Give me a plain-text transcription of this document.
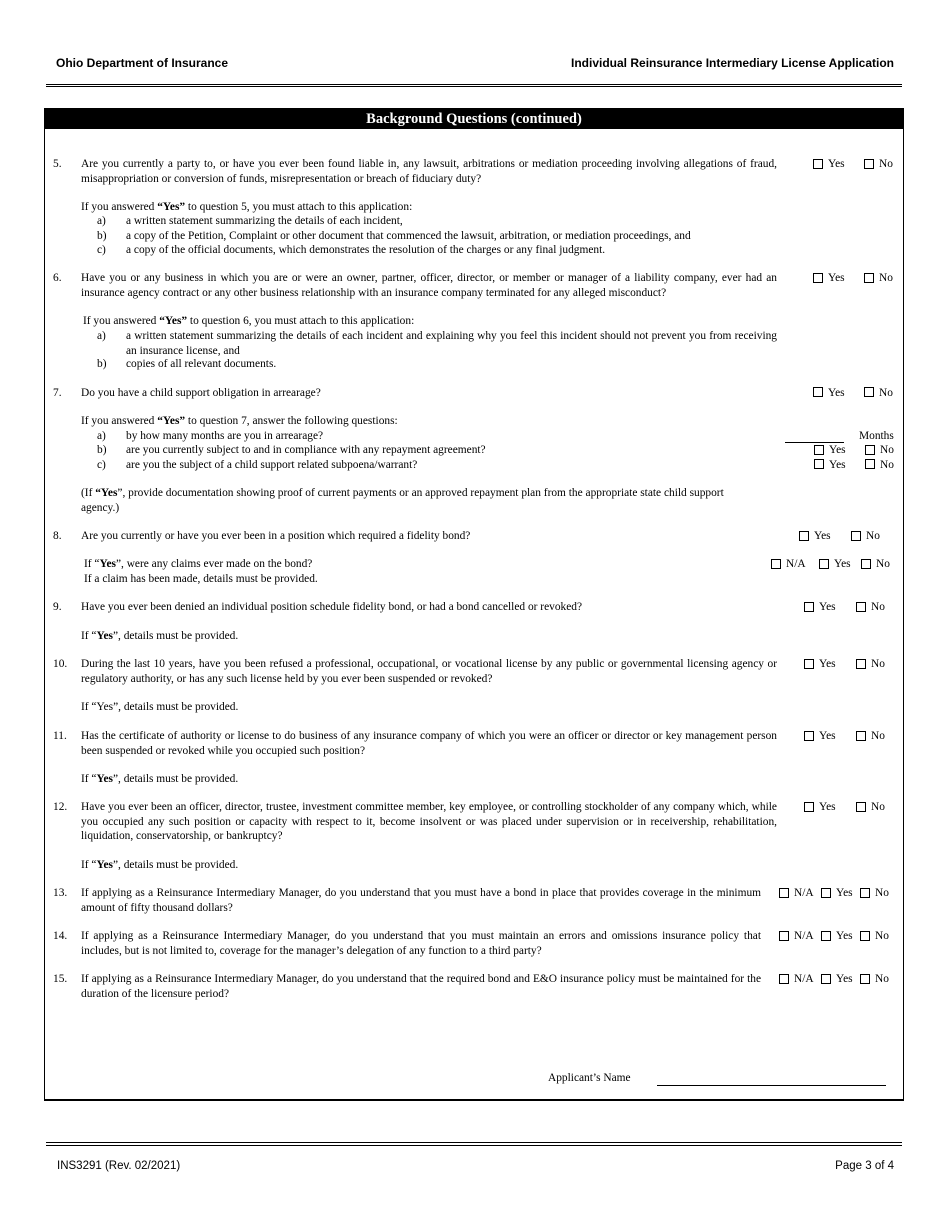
Ohio Department of Insurance	Individual Reinsurance Intermediary License Application
Background Questions (continued)
5. Are you currently a party to, or have you ever been found liable in, any lawsuit, arbitrations or mediation proceeding involving allegations of fraud, misappropriation or conversion of funds, misrepresentation or breach of fiduciary duty?
Yes	No
If you answered “Yes” to question 5, you must attach to this application:
a) a written statement summarizing the details of each incident,
b) a copy of the Petition, Complaint or other document that commenced the lawsuit, arbitration, or mediation proceedings, and
c) a copy of the official documents, which demonstrates the resolution of the charges or any final judgment.
6. Have you or any business in which you are or were an owner, partner, officer, director, or member or manager of a liability company, ever had an insurance agency contract or any other business relationship with an insurance company terminated for any alleged misconduct?
Yes	No
If you answered “Yes” to question 6, you must attach to this application:
a) a written statement summarizing the details of each incident and explaining why you feel this incident should not prevent you from receiving an insurance license, and
b) copies of all relevant documents.
7. Do you have a child support obligation in arrearage?	Yes	No
If you answered “Yes” to question 7, answer the following questions:
a) by how many months are you in arrearage?	Months
b) are you currently subject to and in compliance with any repayment agreement?	Yes	No
c) are you the subject of a child support related subpoena/warrant?	Yes	No
(If “Yes”, provide documentation showing proof of current payments or an approved repayment plan from the appropriate state child support agency.)
8. Are you currently or have you ever been in a position which required a fidelity bond?	Yes	No
If “Yes”, were any claims ever made on the bond?
If a claim has been made, details must be provided.
N/A Yes No
9. Have you ever been denied an individual position schedule fidelity bond, or had a bond cancelled or revoked?	Yes	No
If “Yes”, details must be provided.
10. During the last 10 years, have you been refused a professional, occupational, or vocational license by any public or governmental licensing agency or regulatory authority, or has any such license held by you ever been suspended or revoked?
Yes	No
If “Yes”, details must be provided.
11. Has the certificate of authority or license to do business of any insurance company of which you were an officer or director or key management person been suspended or revoked while you occupied such position?
Yes	No
If “Yes”, details must be provided.
12. Have you ever been an officer, director, trustee, investment committee member, key employee, or controlling stockholder of any company which, while you occupied any such position or capacity with respect to it, become insolvent or was placed under supervision or in receivership, rehabilitation, liquidation, conservatorship, or bankruptcy?
Yes	No
If “Yes”, details must be provided.
13. If applying as a Reinsurance Intermediary Manager, do you understand that you must have a bond in place that provides coverage in the minimum amount of fifty thousand dollars?
N/A Yes No
14. If applying as a Reinsurance Intermediary Manager, do you understand that you must maintain an errors and omissions insurance policy that includes, but is not limited to, coverage for the manager’s delegation of any function to a third party?
N/A Yes No
15. If applying as a Reinsurance Intermediary Manager, do you understand that the required bond and E&O insurance policy must be maintained for the duration of the licensure period?
N/A Yes No
Applicant’s Name
INS3291 (Rev. 02/2021)	Page 3 of 4
